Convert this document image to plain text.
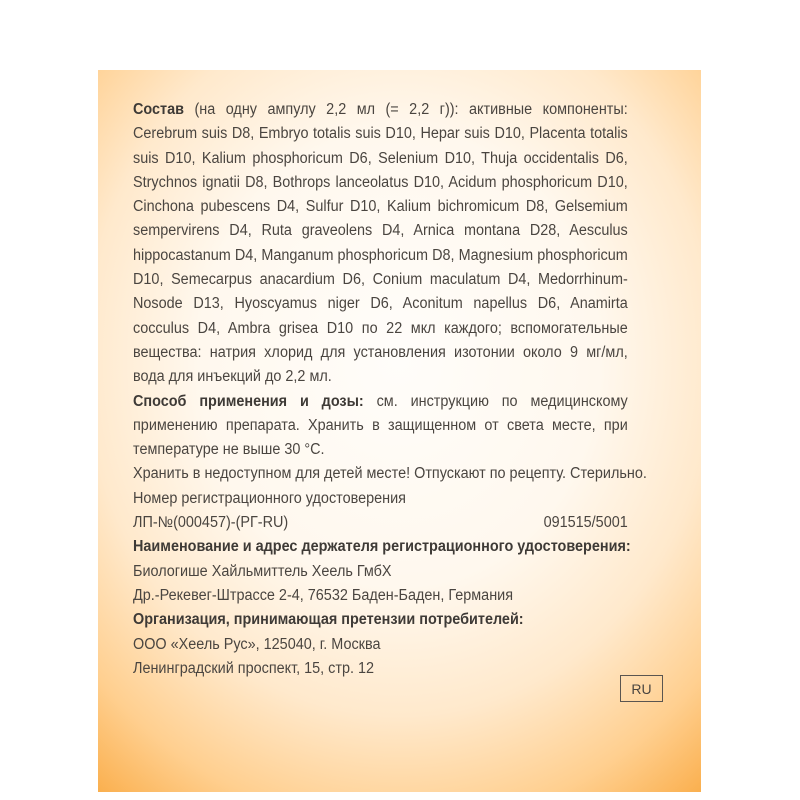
Состав (на одну ампулу 2,2 мл (= 2,2 г)): активные компоненты: Cerebrum suis D8, Embryo totalis suis D10, Hepar suis D10, Placenta totalis suis D10, Kalium phosphoricum D6, Selenium D10, Thuja occidentalis D6, Strychnos ignatii D8, Bothrops lanceolatus D10, Acidum phosphoricum D10, Cinchona pubescens D4, Sulfur D10, Kalium bichromicum D8, Gelsemium sempervirens D4, Ruta graveolens D4, Arnica montana D28, Aesculus hippocastanum D4, Manganum phosphoricum D8, Magnesium phosphoricum D10, Semecarpus anacardium D6, Conium maculatum D4, Medorrhinum-Nosode D13, Hyoscyamus niger D6, Aconitum napellus D6, Anamirta cocculus D4, Ambra grisea D10 по 22 мкл каждого; вспомогательные вещества: натрия хлорид для установления изотонии около 9 мг/мл, вода для инъекций до 2,2 мл.

Способ применения и дозы: см. инструкцию по медицинскому применению препарата. Хранить в защищенном от света месте, при температуре не выше 30 °C.

Хранить в недоступном для детей месте! Отпускают по рецепту. Стерильно.
Номер регистрационного удостоверения
ЛП-№(000457)-(РГ-RU)	091515/5001
Наименование и адрес держателя регистрационного удостоверения:
Биологише Хайльмиттель Хеель ГмбХ
Др.-Рекевег-Штрассе 2-4, 76532 Баден-Баден, Германия
Организация, принимающая претензии потребителей:
ООО «Хеель Рус», 125040, г. Москва
Ленинградский проспект, 15, стр. 12
RU
